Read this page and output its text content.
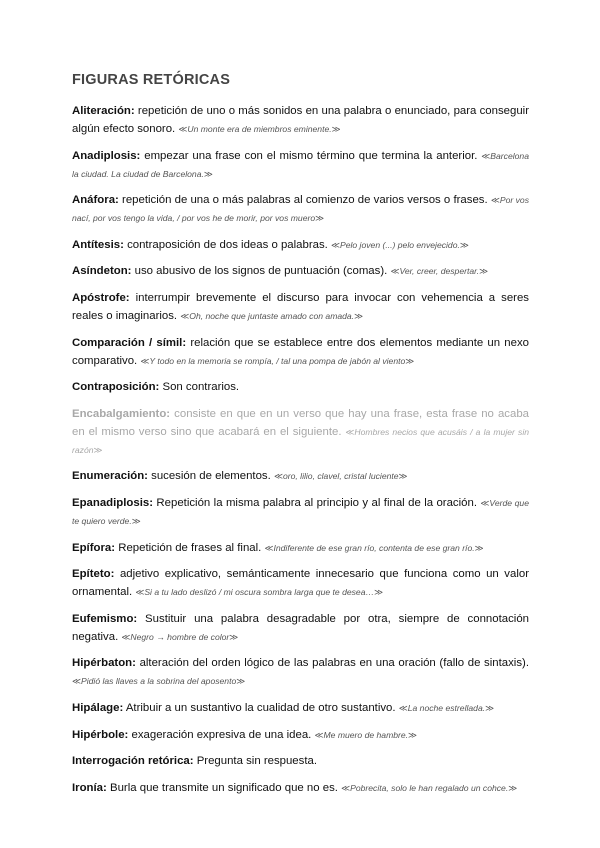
FIGURAS RETÓRICAS
Aliteración: repetición de uno o más sonidos en una palabra o enunciado, para conseguir algún efecto sonoro. ≪Un monte era de miembros eminente.≫
Anadiplosis: empezar una frase con el mismo término que termina la anterior. ≪Barcelona la ciudad. La ciudad de Barcelona.≫
Anáfora: repetición de una o más palabras al comienzo de varios versos o frases. ≪Por vos nací, por vos tengo la vida, / por vos he de morir, por vos muero≫
Antítesis: contraposición de dos ideas o palabras. ≪Pelo joven (...) pelo envejecido.≫
Asíndeton: uso abusivo de los signos de puntuación (comas). ≪Ver, creer, despertar.≫
Apóstrofe: interrumpir brevemente el discurso para invocar con vehemencia a seres reales o imaginarios. ≪Oh, noche que juntaste amado con amada.≫
Comparación / símil: relación que se establece entre dos elementos mediante un nexo comparativo. ≪Y todo en la memoria se rompía, / tal una pompa de jabón al viento≫
Contraposición: Son contrarios.
Encabalgamiento: consiste en que en un verso que hay una frase, esta frase no acaba en el mismo verso sino que acabará en el siguiente. ≪Hombres necios que acusáis / a la mujer sin razón≫
Enumeración: sucesión de elementos. ≪oro, lilio, clavel, cristal luciente≫
Epanadiplosis: Repetición la misma palabra al principio y al final de la oración. ≪Verde que te quiero verde.≫
Epífora: Repetición de frases al final. ≪Indiferente de ese gran río, contenta de ese gran río.≫
Epíteto: adjetivo explicativo, semánticamente innecesario que funciona como un valor ornamental. ≪Si a tu lado deslizó / mi oscura sombra larga que te desea…≫
Eufemismo: Sustituir una palabra desagradable por otra, siempre de connotación negativa. ≪Negro → hombre de color≫
Hipérbaton: alteración del orden lógico de las palabras en una oración (fallo de sintaxis). ≪Pidió las llaves a la sobrina del aposento≫
Hipálage: Atribuir a un sustantivo la cualidad de otro sustantivo. ≪La noche estrellada.≫
Hipérbole: exageración expresiva de una idea. ≪Me muero de hambre.≫
Interrogación retórica: Pregunta sin respuesta.
Ironía: Burla que transmite un significado que no es. ≪Pobrecita, solo le han regalado un cohce.≫
